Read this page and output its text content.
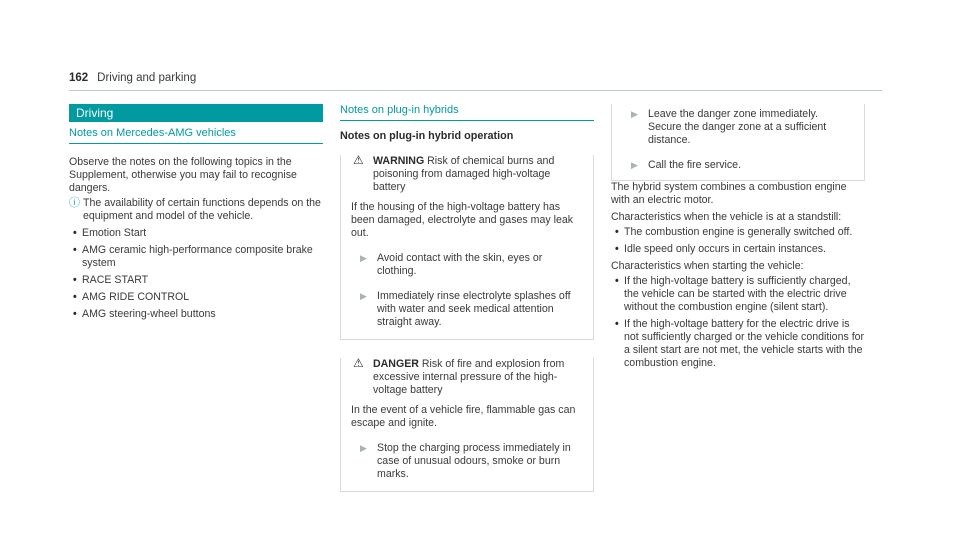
162 Driving and parking
Driving
Notes on Mercedes-AMG vehicles

Observe the notes on the following topics in the Supplement, otherwise you may fail to recognise dangers.

ⓘ The availability of certain functions depends on the equipment and model of the vehicle.
• Emotion Start
• AMG ceramic high-performance composite brake system
• RACE START
• AMG RIDE CONTROL
• AMG steering-wheel buttons
Notes on plug-in hybrids
Notes on plug-in hybrid operation
⚠ WARNING Risk of chemical burns and poisoning from damaged high-voltage battery

If the housing of the high-voltage battery has been damaged, electrolyte and gases may leak out.

▶ Avoid contact with the skin, eyes or clothing.
▶ Immediately rinse electrolyte splashes off with water and seek medical attention straight away.
⚠ DANGER Risk of fire and explosion from excessive internal pressure of the high-voltage battery

In the event of a vehicle fire, flammable gas can escape and ignite.

▶ Stop the charging process immediately in case of unusual odours, smoke or burn marks.
▶ Leave the danger zone immediately. Secure the danger zone at a sufficient distance.
▶ Call the fire service.

The hybrid system combines a combustion engine with an electric motor.

Characteristics when the vehicle is at a standstill:

• The combustion engine is generally switched off.
• Idle speed only occurs in certain instances.

Characteristics when starting the vehicle:

• If the high-voltage battery is sufficiently charged, the vehicle can be started with the electric drive without the combustion engine (silent start).
• If the high-voltage battery for the electric drive is not sufficiently charged or the vehicle conditions for a silent start are not met, the vehicle starts with the combustion engine.
